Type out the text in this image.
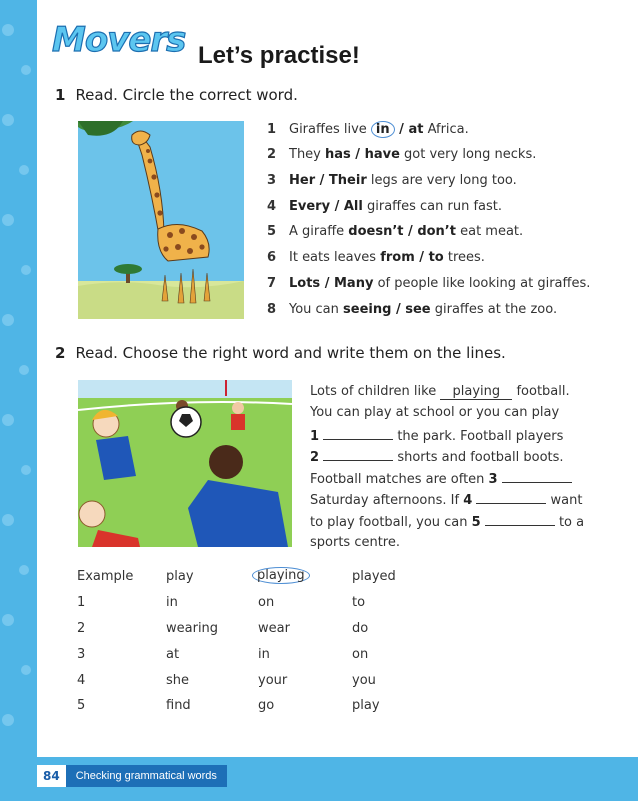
Movers Let’s practise!
1 Read. Circle the correct word.
1 Giraffes live in / at Africa.
2 They has / have got very long necks.
3 Her / Their legs are very long too.
4 Every / All giraffes can run fast.
5 A giraffe doesn’t / don’t eat meat.
6 It eats leaves from / to trees.
7 Lots / Many of people like looking at giraffes.
8 You can seeing / see giraffes at the zoo.
2 Read. Choose the right word and write them on the lines.
Lots of children like playing football.
You can play at school or you can play
1	the park. Football players
2	shorts and football boots.
Football matches are often 3
Saturday afternoons. If 4	want
to play football, you can 5	to a
sports centre.
Example	play	playing	played
1	in	on	to
2	wearing	wear	do
3	at	in	on
4	she	your	you
5	find	go	play
84	Checking grammatical words
